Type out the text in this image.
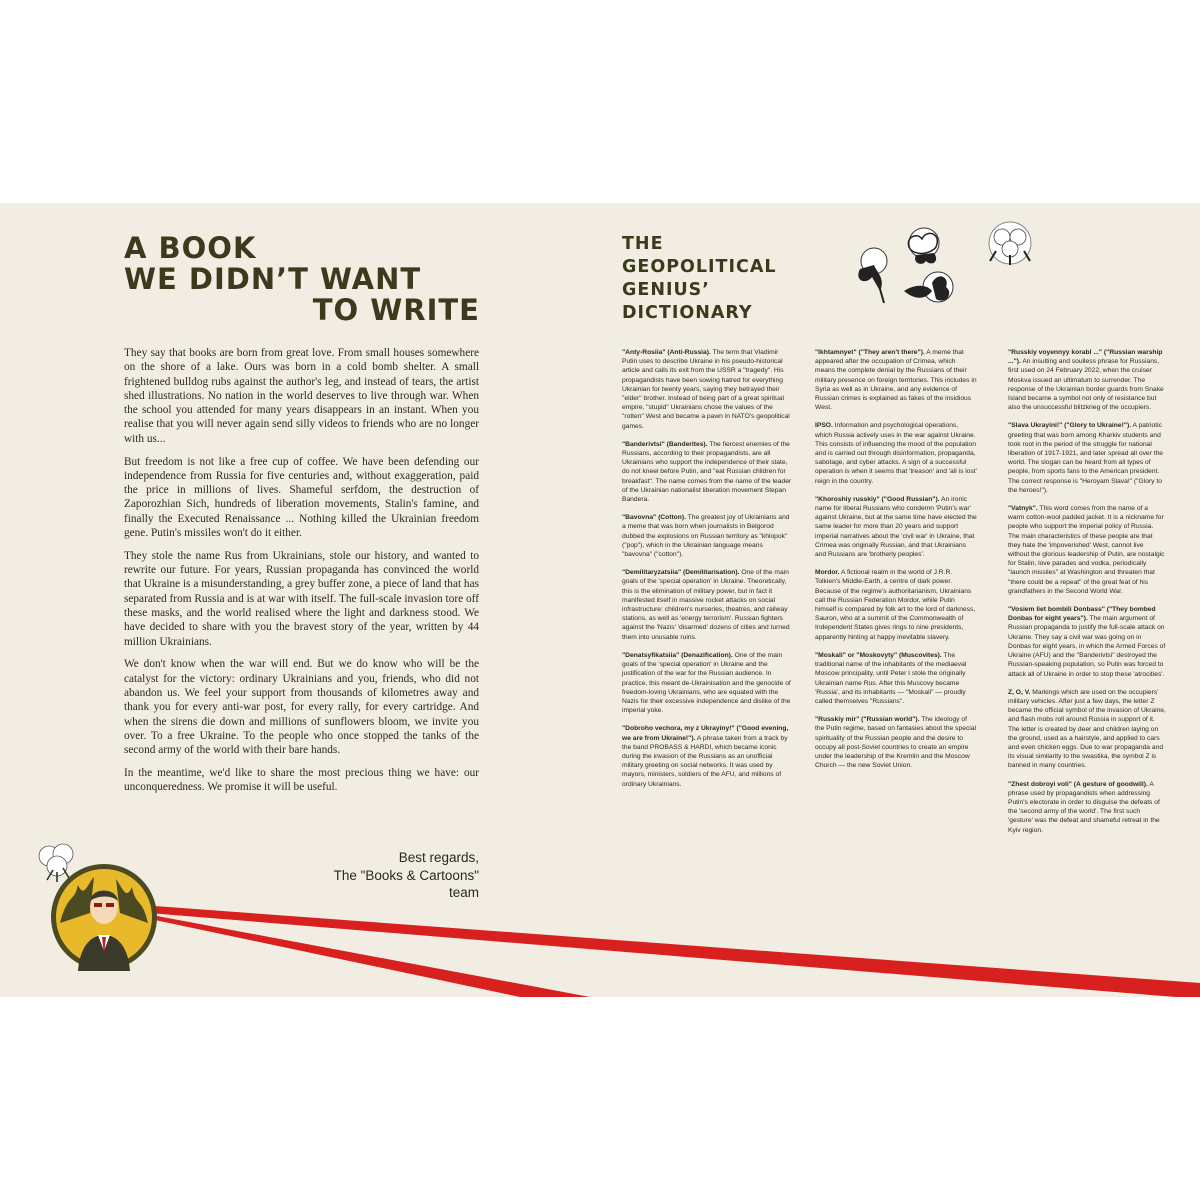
A BOOK
WE DIDN’T WANT
TO WRITE

They say that books are born from great love. From small houses somewhere on the shore of a lake. Ours was born in a cold bomb shelter. A small frightened bulldog rubs against the author's leg, and instead of tears, the artist shed illustrations. No nation in the world deserves to live through war. When the school you attended for many years disappears in an instant. When you realise that you will never again send silly videos to friends who are no longer with us...

But freedom is not like a free cup of coffee. We have been defending our independence from Russia for five centuries and, without exaggeration, paid the price in millions of lives. Shameful serfdom, the destruction of Zaporozhian Sich, hundreds of liberation movements, Stalin's famine, and finally the Executed Renaissance ... Nothing killed the Ukrainian freedom gene. Putin's missiles won't do it either.

They stole the name Rus from Ukrainians, stole our history, and wanted to rewrite our future. For years, Russian propaganda has convinced the world that Ukraine is a misunderstanding, a grey buffer zone, a piece of land that has separated from Russia and is at war with itself. The full-scale invasion tore off these masks, and the world realised where the light and darkness stood. We have decided to share with you the bravest story of the year, written by 44 million Ukrainians.

We don't know when the war will end. But we do know who will be the catalyst for the victory: ordinary Ukrainians and you, friends, who did not abandon us. We feel your support from thousands of kilometres away and thank you for every anti-war post, for every rally, for every cartridge. And when the sirens die down and millions of sunflowers bloom, we invite you over. To a free Ukraine. To the people who once stopped the tanks of the second army of the world with their bare hands.

In the meantime, we'd like to share the most precious thing we have: our unconqueredness. We promise it will be useful.

Best regards,
The "Books & Cartoons"
team
THE
GEOPOLITICAL
GENIUS’
DICTIONARY

"Anty-Rosiia" (Anti-Russia). The term that Vladimir Putin uses to describe Ukraine in his pseudo-historical article and calls its exit from the USSR a "tragedy". His propagandists have been sowing hatred for everything Ukrainian for twenty years, saying they betrayed their "elder" brother. Instead of being part of a great spiritual empire, "stupid" Ukrainians chose the values of the "rotten" West and became a pawn in NATO's geopolitical games.

"Banderivtsi" (Banderites). The fiercest enemies of the Russians, according to their propagandists, are all Ukrainians who support the independence of their state, do not kneel before Putin, and "eat Russian children for breakfast". The name comes from the name of the leader of the Ukrainian nationalist liberation movement Stepan Bandera.

"Bavovna" (Cotton). The greatest joy of Ukrainians and a meme that was born when journalists in Belgorod dubbed the explosions on Russian territory as "khlopok" ("pop"), which in the Ukrainian language means "bavovna" ("cotton").

"Demilitaryzatsiia" (Demilitarisation). One of the main goals of the 'special operation' in Ukraine. Theoretically, this is the elimination of military power, but in fact it manifested itself in massive rocket attacks on social infrastructure: children's nurseries, theatres, and railway stations, as well as 'energy terrorism'. Russian fighters against the 'Nazis' 'disarmed' dozens of cities and turned them into unusable ruins.

"Denatsyfikatsiia" (Denazification). One of the main goals of the 'special operation' in Ukraine and the justification of the war for the Russian audience. In practice, this meant de-Ukrainisation and the genocide of freedom-loving Ukrainians, who are equated with the Nazis for their excessive independence and dislike of the imperial yoke.

"Dobroho vechora, my z Ukrayiny!" ("Good evening, we are from Ukraine!"). A phrase taken from a track by the band PROBASS & HARDI, which became iconic during the invasion of the Russians as an unofficial military greeting on social networks. It was used by mayors, ministers, soldiers of the AFU, and millions of ordinary Ukrainians.

"Ikhtamnyet" ("They aren't there"). A meme that appeared after the occupation of Crimea, which means the complete denial by the Russians of their military presence on foreign territories. This includes in Syria as well as in Ukraine, and any evidence of Russian crimes is explained as fakes of the insidious West.

IPSO. Information and psychological operations, which Russia actively uses in the war against Ukraine. This consists of influencing the mood of the population and is carried out through disinformation, propaganda, sabotage, and cyber attacks. A sign of a successful operation is when it seems that 'treason' and 'all is lost' reign in the country.

"Khoroshiy russkiy" ("Good Russian"). An ironic name for liberal Russians who condemn 'Putin's war' against Ukraine, but at the same time have elected the same leader for more than 20 years and support imperial narratives about the 'civil war' in Ukraine, that Crimea was originally Russian, and that Ukrainians and Russians are 'brotherly peoples'.

Mordor. A fictional realm in the world of J.R.R. Tolkien's Middle-Earth, a centre of dark power. Because of the regime's authoritarianism, Ukrainians call the Russian Federation Mordor, while Putin himself is compared by folk art to the lord of darkness, Sauron, who at a summit of the Commonwealth of Independent States gives rings to nine presidents, apparently hinting at happy inevitable slavery.

"Moskali" or "Moskovyty" (Muscovites). The traditional name of the inhabitants of the mediaeval Moscow principality, until Peter I stole the originally Ukrainian name Rus. After this Muscovy became 'Russia', and its inhabitants — "Moskali" — proudly called themselves "Russians".

"Russkiy mir" ("Russian world"). The ideology of the Putin regime, based on fantasies about the special spirituality of the Russian people and the desire to occupy all post-Soviet countries to create an empire under the leadership of the Kremlin and the Moscow Church — the new Soviet Union.

"Russkiy voyennyy korabl ..." ("Russian warship ..."). An insulting and soulless phrase for Russians, first used on 24 February 2022, when the cruiser Moskva issued an ultimatum to surrender. The response of the Ukrainian border guards from Snake Island became a symbol not only of resistance but also the unsuccessful blitzkrieg of the occupiers.

"Slava Ukrayini!" ("Glory to Ukraine!"). A patriotic greeting that was born among Kharkiv students and took root in the period of the struggle for national liberation of 1917-1921, and later spread all over the world. The slogan can be heard from all types of people, from sports fans to the American president. The correct response is "Heroyam Slava!" ("Glory to the heroes!").

"Vatnyk". This word comes from the name of a warm cotton-wool padded jacket. It is a nickname for people who support the imperial policy of Russia. The main characteristics of these people are that they hate the 'impoverished' West, cannot live without the glorious leadership of Putin, are nostalgic for Stalin, love parades and vodka, periodically "launch missiles" at Washington and threaten that "there could be a repeat" of the great feat of his grandfathers in the Second World War.

"Vosiem liet bombili Donbass" ("They bombed Donbas for eight years"). The main argument of Russian propaganda to justify the full-scale attack on Ukraine. They say a civil war was going on in Donbas for eight years, in which the Armed Forces of Ukraine (AFU) and the "Banderivtsi" destroyed the Russian-speaking population, so Putin was forced to attack all of Ukraine in order to stop these 'atrocities'.

Z, O, V. Markings which are used on the occupiers' military vehicles. After just a few days, the letter Z became the official symbol of the invasion of Ukraine, and flash mobs roll around Russia in support of it. The letter is created by deer and children laying on the ground, used as a hairstyle, and applied to cars and even chicken eggs. Due to war propaganda and its visual similarity to the swastika, the symbol Z is banned in many countries.

"Zhest dobroyi voli" (A gesture of goodwill). A phrase used by propagandists when addressing Putin's electorate in order to disguise the defeats of the 'second army of the world'. The first such 'gesture' was the defeat and shameful retreat in the Kyiv region.
